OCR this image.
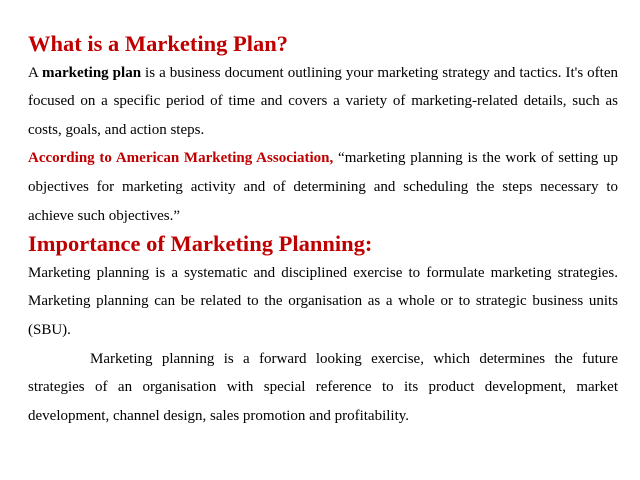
What is a Marketing Plan?

A marketing plan is a business document outlining your marketing strategy and tactics. It's often focused on a specific period of time and covers a variety of marketing-related details, such as costs, goals, and action steps.

According to American Marketing Association, “marketing planning is the work of setting up objectives for marketing activity and of determining and scheduling the steps necessary to achieve such objectives.”

Importance of Marketing Planning:

Marketing planning is a systematic and disciplined exercise to formulate marketing strategies. Marketing planning can be related to the organisation as a whole or to strategic business units (SBU).

Marketing planning is a forward looking exercise, which determines the future strategies of an organisation with special reference to its product development, market development, channel design, sales promotion and profitability.
